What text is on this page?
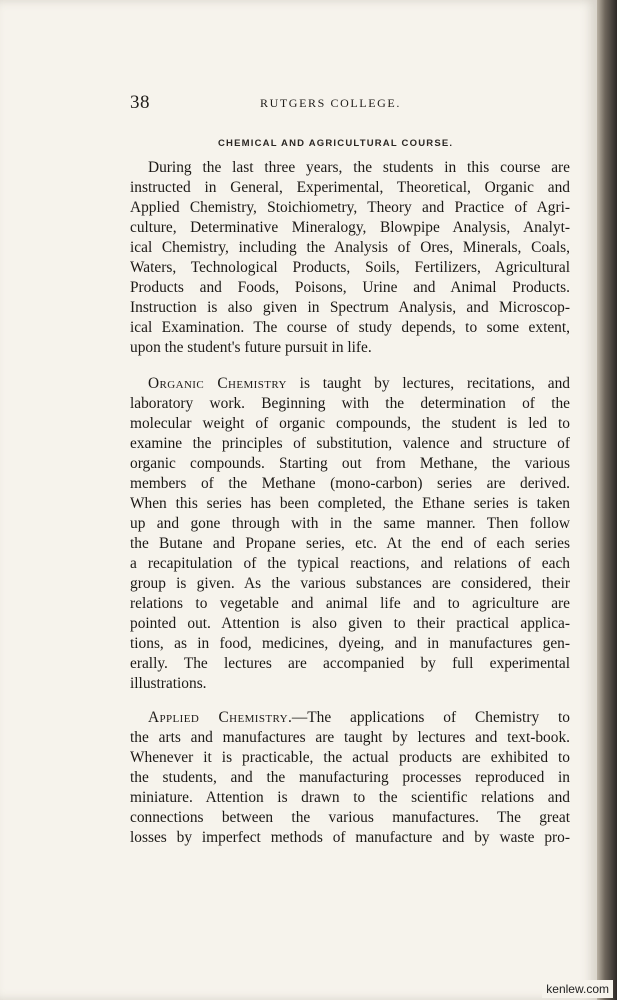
38	RUTGERS COLLEGE.
CHEMICAL AND AGRICULTURAL COURSE.

During the last three years, the students in this course are
instructed in General, Experimental, Theoretical, Organic and
Applied Chemistry, Stoichiometry, Theory and Practice of Agri-
culture, Determinative Mineralogy, Blowpipe Analysis, Analyt-
ical Chemistry, including the Analysis of Ores, Minerals, Coals,
Waters, Technological Products, Soils, Fertilizers, Agricultural
Products and Foods, Poisons, Urine and Animal Products.
Instruction is also given in Spectrum Analysis, and Microscop-
ical Examination. The course of study depends, to some extent,
upon the student's future pursuit in life.

Organic Chemistry is taught by lectures, recitations, and
laboratory work. Beginning with the determination of the
molecular weight of organic compounds, the student is led to
examine the principles of substitution, valence and structure of
organic compounds. Starting out from Methane, the various
members of the Methane (mono-carbon) series are derived.
When this series has been completed, the Ethane series is taken
up and gone through with in the same manner. Then follow
the Butane and Propane series, etc. At the end of each series
a recapitulation of the typical reactions, and relations of each
group is given. As the various substances are considered, their
relations to vegetable and animal life and to agriculture are
pointed out. Attention is also given to their practical applica-
tions, as in food, medicines, dyeing, and in manufactures gen-
erally. The lectures are accompanied by full experimental
illustrations.

Applied Chemistry.—The applications of Chemistry to
the arts and manufactures are taught by lectures and text-book.
Whenever it is practicable, the actual products are exhibited to
the students, and the manufacturing processes reproduced in
miniature. Attention is drawn to the scientific relations and
connections between the various manufactures. The great
losses by imperfect methods of manufacture and by waste pro-

kenlew.com
